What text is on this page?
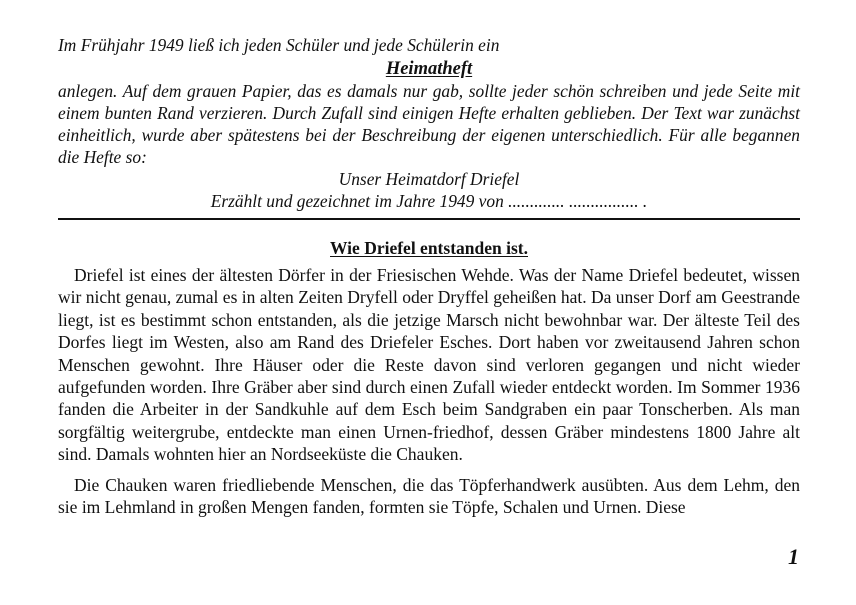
Im Frühjahr 1949 ließ ich jeden Schüler und jede Schülerin ein

Heimatheft

anlegen. Auf dem grauen Papier, das es damals nur gab, sollte jeder schön schreiben und jede Seite mit einem bunten Rand verzieren. Durch Zufall sind einigen Hefte erhalten geblieben. Der Text war zunächst einheitlich, wurde aber spätestens bei der Beschreibung der eigenen unterschiedlich. Für alle begannen die Hefte so:

Unser Heimatdorf Driefel

Erzählt und gezeichnet im Jahre 1949 von ............. ................ .

Wie Driefel entstanden ist.

Driefel ist eines der ältesten Dörfer in der Friesischen Wehde. Was der Name Driefel bedeutet, wissen wir nicht genau, zumal es in alten Zeiten Dryfell oder Dryffel geheißen hat. Da unser Dorf am Geestrande liegt, ist es bestimmt schon entstanden, als die jetzige Marsch nicht bewohnbar war. Der älteste Teil des Dorfes liegt im Westen, also am Rand des Driefeler Esches. Dort haben vor zweitausend Jahren schon Menschen gewohnt. Ihre Häuser oder die Reste davon sind verloren gegangen und nicht wieder aufgefunden worden. Ihre Gräber aber sind durch einen Zufall wieder entdeckt worden. Im Sommer 1936 fanden die Arbeiter in der Sandkuhle auf dem Esch beim Sandgraben ein paar Tonscherben. Als man sorgfältig weitergrube, entdeckte man einen Urnen-friedhof, dessen Gräber mindestens 1800 Jahre alt sind. Damals wohnten hier an Nordseeküste die Chauken.

Die Chauken waren friedliebende Menschen, die das Töpferhandwerk ausübten. Aus dem Lehm, den sie im Lehmland in großen Mengen fanden, formten sie Töpfe, Schalen und Urnen. Diese

1
